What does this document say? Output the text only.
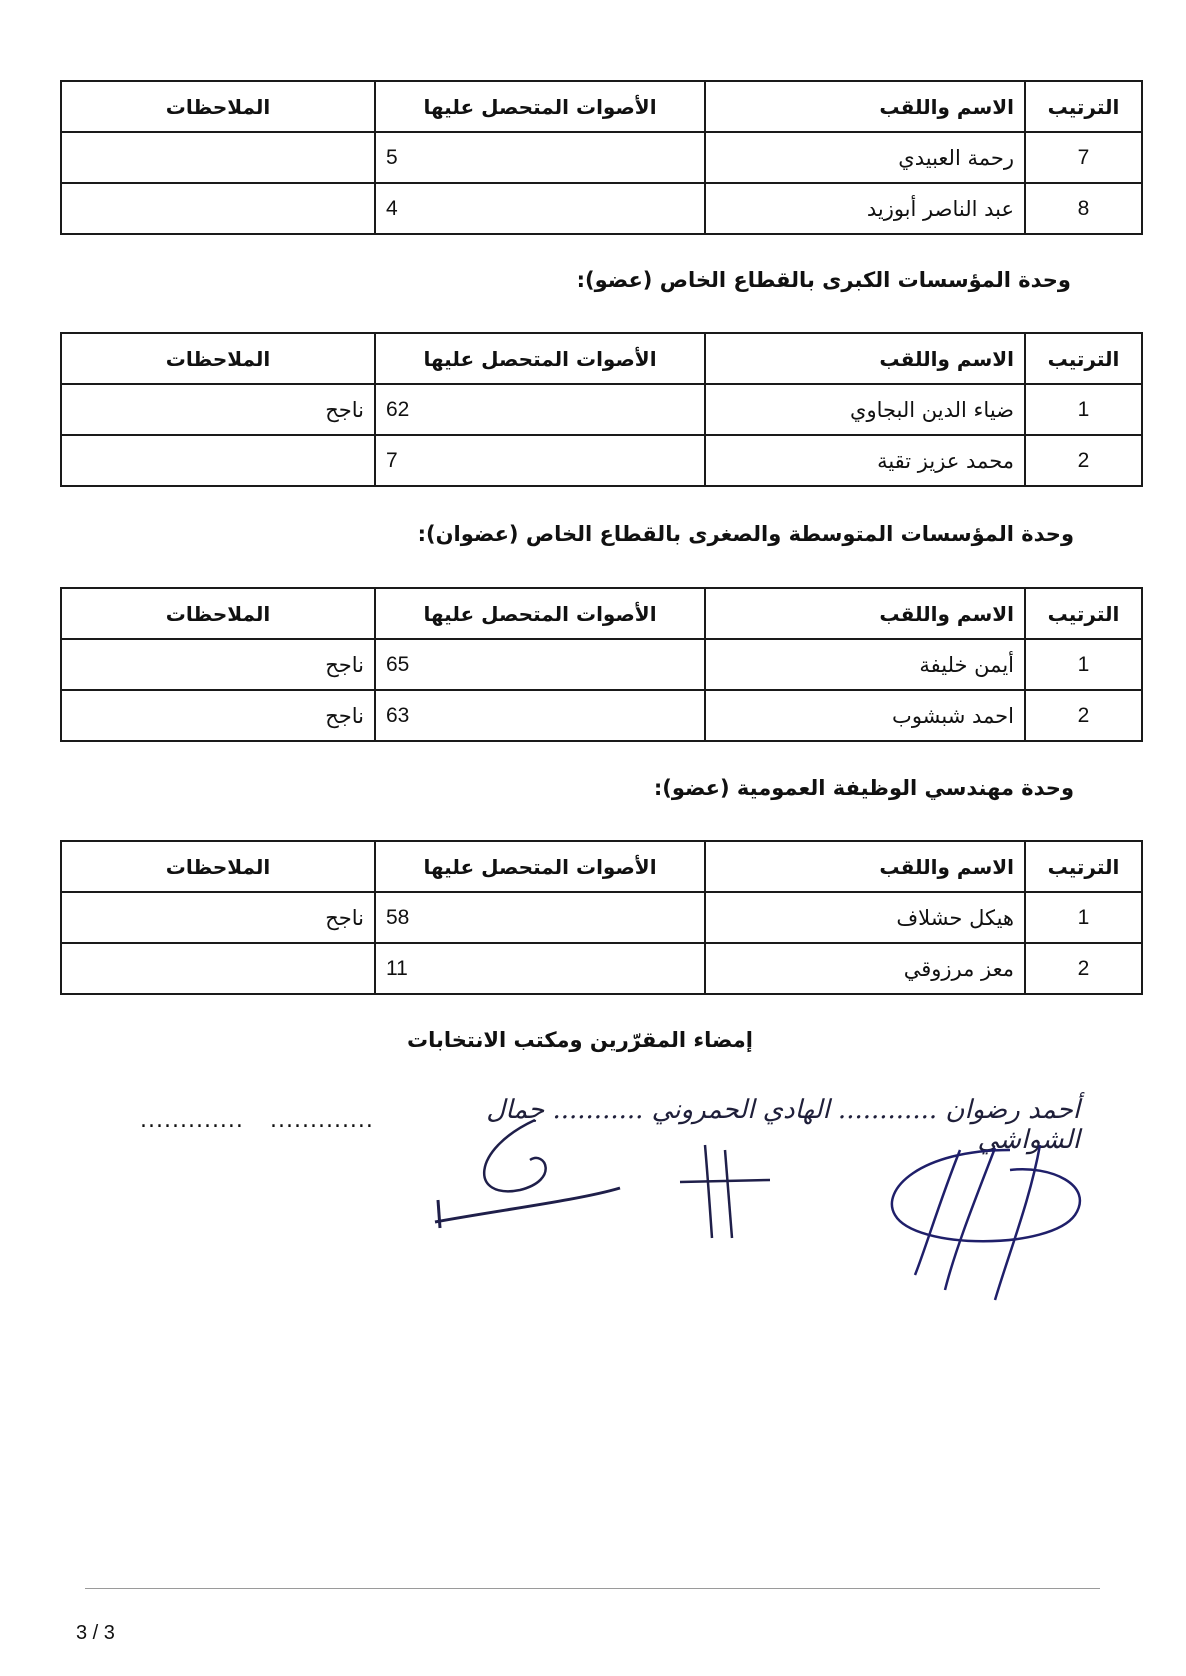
الترتيب	الاسم واللقب	الأصوات المتحصل عليها	الملاحظات
7	رحمة العبيدي	5	
8	عبد الناصر أبوزيد	4	
وحدة المؤسسات الكبرى بالقطاع الخاص (عضو):
الترتيب	الاسم واللقب	الأصوات المتحصل عليها	الملاحظات
1	ضياء الدين البجاوي	62	ناجح
2	محمد عزيز تقية	7	
وحدة المؤسسات المتوسطة والصغرى بالقطاع الخاص (عضوان):
الترتيب	الاسم واللقب	الأصوات المتحصل عليها	الملاحظات
1	أيمن خليفة	65	ناجح
2	احمد شبشوب	63	ناجح
وحدة مهندسي الوظيفة العمومية (عضو):
الترتيب	الاسم واللقب	الأصوات المتحصل عليها	الملاحظات
1	هيكل حشلاف	58	ناجح
2	معز مرزوقي	11	
إمضاء المقرّرين ومكتب الانتخابات
............. .............	أحمد رضوان ............ الهادي الحمروني ........... جمال الشواشي
3 / 3
